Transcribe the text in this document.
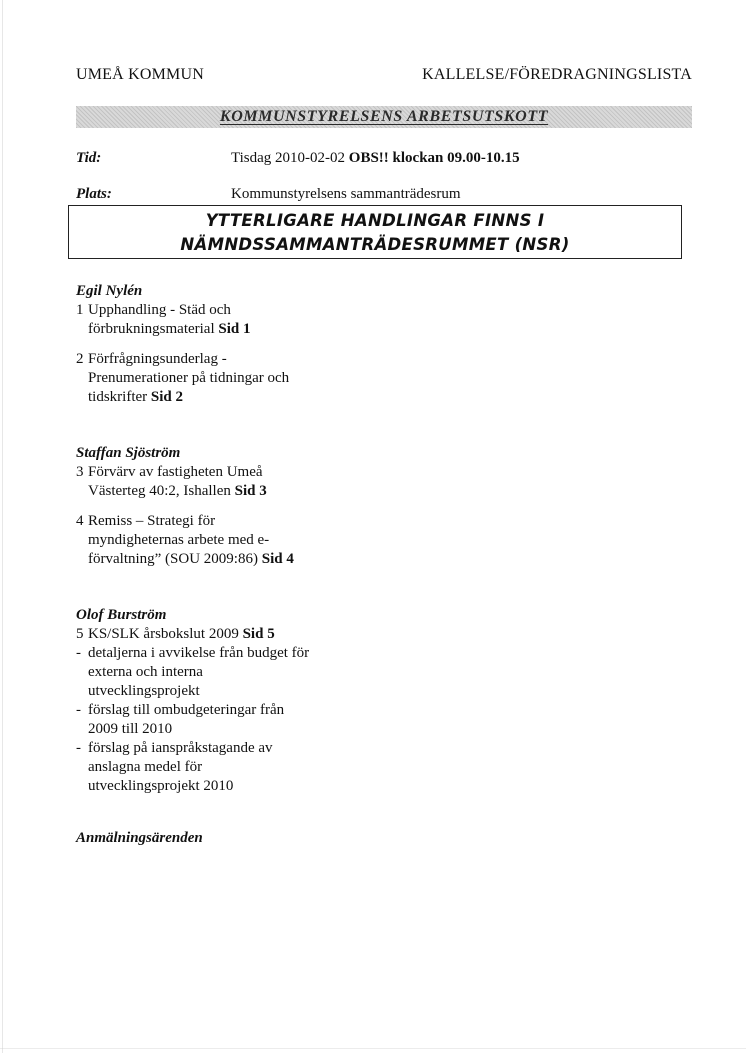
UMEÅ KOMMUN	KALLELSE/FÖREDRAGNINGSLISTA
KOMMUNSTYRELSENS ARBETSUTSKOTT
Tid:	Tisdag 2010-02-02 OBS!! klockan 09.00-10.15
Plats:	Kommunstyrelsens sammanträdesrum
YTTERLIGARE HANDLINGAR FINNS I
NÄMNDSSAMMANTRÄDESRUMMET (NSR)
Egil Nylén
1 Upphandling - Städ och
förbrukningsmaterial Sid 1
2 Förfrågningsunderlag -
Prenumerationer på tidningar och
tidskrifter Sid 2
Staffan Sjöström
3 Förvärv av fastigheten Umeå
Västerteg 40:2, Ishallen Sid 3
4 Remiss – Strategi för
myndigheternas arbete med e-
förvaltning” (SOU 2009:86) Sid 4
Olof Burström
5 KS/SLK årsbokslut 2009 Sid 5
- detaljerna i avvikelse från budget för
externa och interna
utvecklingsprojekt
- förslag till ombudgeteringar från
2009 till 2010
- förslag på ianspråkstagande av
anslagna medel för
utvecklingsprojekt 2010
Anmälningsärenden
